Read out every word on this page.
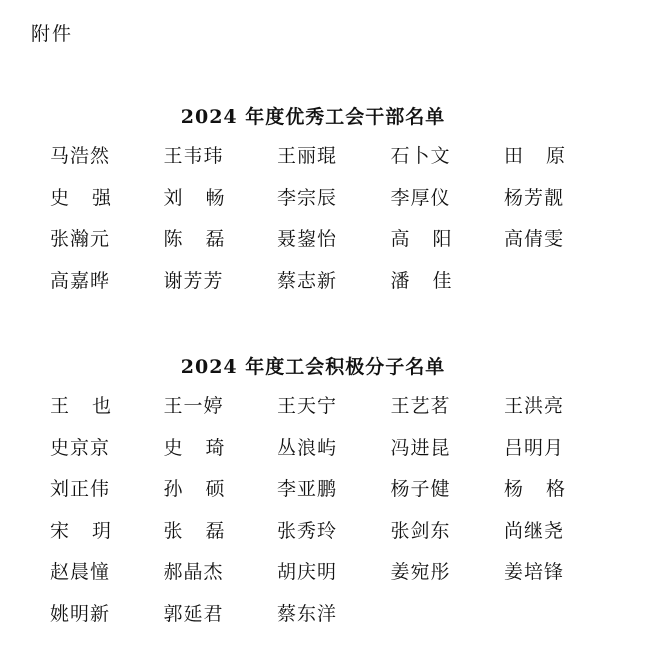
附件
2024 年度优秀工会干部名单
马浩然	王韦玮	王丽琨	石卜文	田 原
史 强	刘 畅	李宗辰	李厚仪	杨芳靓
张瀚元	陈 磊	聂鋆怡	高 阳	高倩雯
高嘉晔	谢芳芳	蔡志新	潘 佳
2024 年度工会积极分子名单
王 也	王一婷	王天宁	王艺茗	王洪亮
史京京	史 琦	丛浪屿	冯进昆	吕明月
刘正伟	孙 硕	李亚鹏	杨子健	杨 格
宋 玥	张 磊	张秀玲	张剑东	尚继尧
赵晨憧	郝晶杰	胡庆明	姜宛彤	姜培锋
姚明新	郭延君	蔡东洋
